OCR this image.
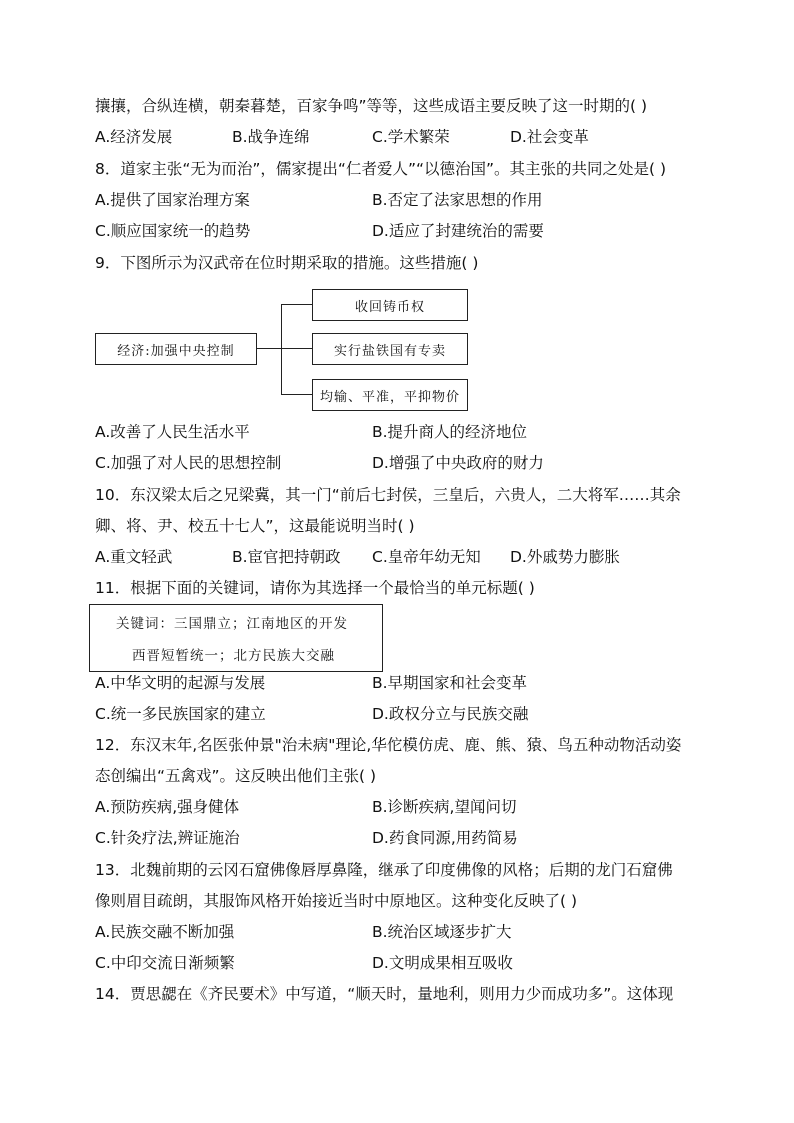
攘攘，合纵连横，朝秦暮楚，百家争鸣”等等，这些成语主要反映了这一时期的( )
A.经济发展	B.战争连绵	C.学术繁荣	D.社会变革
8．道家主张“无为而治”，儒家提出“仁者爱人”“以德治国”。其主张的共同之处是( )
A.提供了国家治理方案	B.否定了法家思想的作用
C.顺应国家统一的趋势	D.适应了封建统治的需要
9．下图所示为汉武帝在位时期采取的措施。这些措施( )
经济:加强中央控制
收回铸币权
实行盐铁国有专卖
均输、平准，平抑物价
A.改善了人民生活水平	B.提升商人的经济地位
C.加强了对人民的思想控制	D.增强了中央政府的财力
10．东汉梁太后之兄梁冀，其一门“前后七封侯，三皇后，六贵人，二大将军……其余
卿、将、尹、校五十七人”，这最能说明当时( )
A.重文轻武	B.宦官把持朝政 C.皇帝年幼无知 D.外戚势力膨胀
11．根据下面的关键词，请你为其选择一个最恰当的单元标题( )
关键词：三国鼎立；江南地区的开发
西晋短暂统一；北方民族大交融
A.中华文明的起源与发展	B.早期国家和社会变革
C.统一多民族国家的建立	D.政权分立与民族交融
12．东汉末年,名医张仲景"治未病"理论,华佗模仿虎、鹿、熊、猿、鸟五种动物活动姿
态创编出“五禽戏”。这反映出他们主张( )
A.预防疾病,强身健体	B.诊断疾病,望闻问切
C.针灸疗法,辨证施治	D.药食同源,用药简易
13．北魏前期的云冈石窟佛像唇厚鼻隆，继承了印度佛像的风格；后期的龙门石窟佛
像则眉目疏朗，其服饰风格开始接近当时中原地区。这种变化反映了( )
A.民族交融不断加强	B.统治区域逐步扩大
C.中印交流日渐频繁	D.文明成果相互吸收
14．贾思勰在《齐民要术》中写道，“顺天时，量地利，则用力少而成功多”。这体现
